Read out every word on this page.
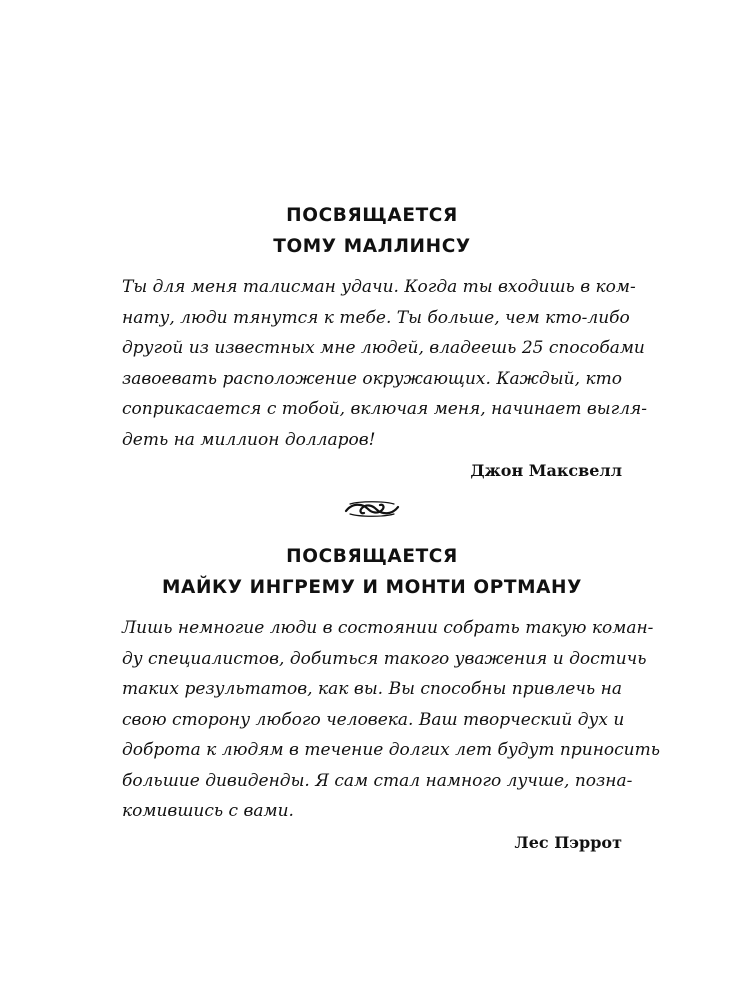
ПОСВЯЩАЕТСЯ
ТОМУ МАЛЛИНСУ

Ты для меня талисман удачи. Когда ты входишь в ком-
нату, люди тянутся к тебе. Ты больше, чем кто-либо
другой из известных мне людей, владеешь 25 способами
завоевать расположение окружающих. Каждый, кто
соприкасается с тобой, включая меня, начинает выгля-
деть на миллион долларов!

Джон Максвелл

ПОСВЯЩАЕТСЯ
МАЙКУ ИНГРЕМУ И МОНТИ ОРТМАНУ

Лишь немногие люди в состоянии собрать такую коман-
ду специалистов, добиться такого уважения и достичь
таких результатов, как вы. Вы способны привлечь на
свою сторону любого человека. Ваш творческий дух и
доброта к людям в течение долгих лет будут приносить
большие дивиденды. Я сам стал намного лучше, позна-
комившись с вами.

Лес Пэррот
